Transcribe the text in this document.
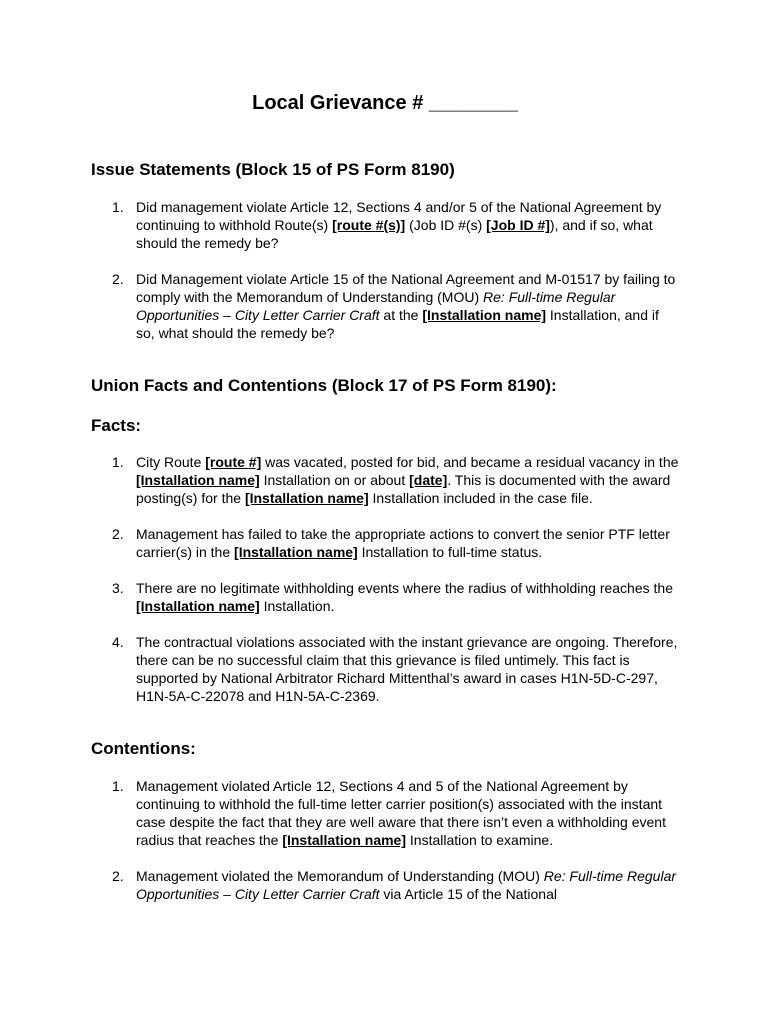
Local Grievance # ________
Issue Statements (Block 15 of PS Form 8190)
1. Did management violate Article 12, Sections 4 and/or 5 of the National Agreement by continuing to withhold Route(s) [route #(s)] (Job ID #(s) [Job ID #]), and if so, what should the remedy be?
2. Did Management violate Article 15 of the National Agreement and M-01517 by failing to comply with the Memorandum of Understanding (MOU) Re: Full-time Regular Opportunities – City Letter Carrier Craft at the [Installation name] Installation, and if so, what should the remedy be?
Union Facts and Contentions (Block 17 of PS Form 8190):
Facts:
1. City Route [route #] was vacated, posted for bid, and became a residual vacancy in the [Installation name] Installation on or about [date]. This is documented with the award posting(s) for the [Installation name] Installation included in the case file.
2. Management has failed to take the appropriate actions to convert the senior PTF letter carrier(s) in the [Installation name] Installation to full-time status.
3. There are no legitimate withholding events where the radius of withholding reaches the [Installation name] Installation.
4. The contractual violations associated with the instant grievance are ongoing. Therefore, there can be no successful claim that this grievance is filed untimely. This fact is supported by National Arbitrator Richard Mittenthal’s award in cases H1N-5D-C-297, H1N-5A-C-22078 and H1N-5A-C-2369.
Contentions:
1. Management violated Article 12, Sections 4 and 5 of the National Agreement by continuing to withhold the full-time letter carrier position(s) associated with the instant case despite the fact that they are well aware that there isn’t even a withholding event radius that reaches the [Installation name] Installation to examine.
2. Management violated the Memorandum of Understanding (MOU) Re: Full-time Regular Opportunities – City Letter Carrier Craft via Article 15 of the National
